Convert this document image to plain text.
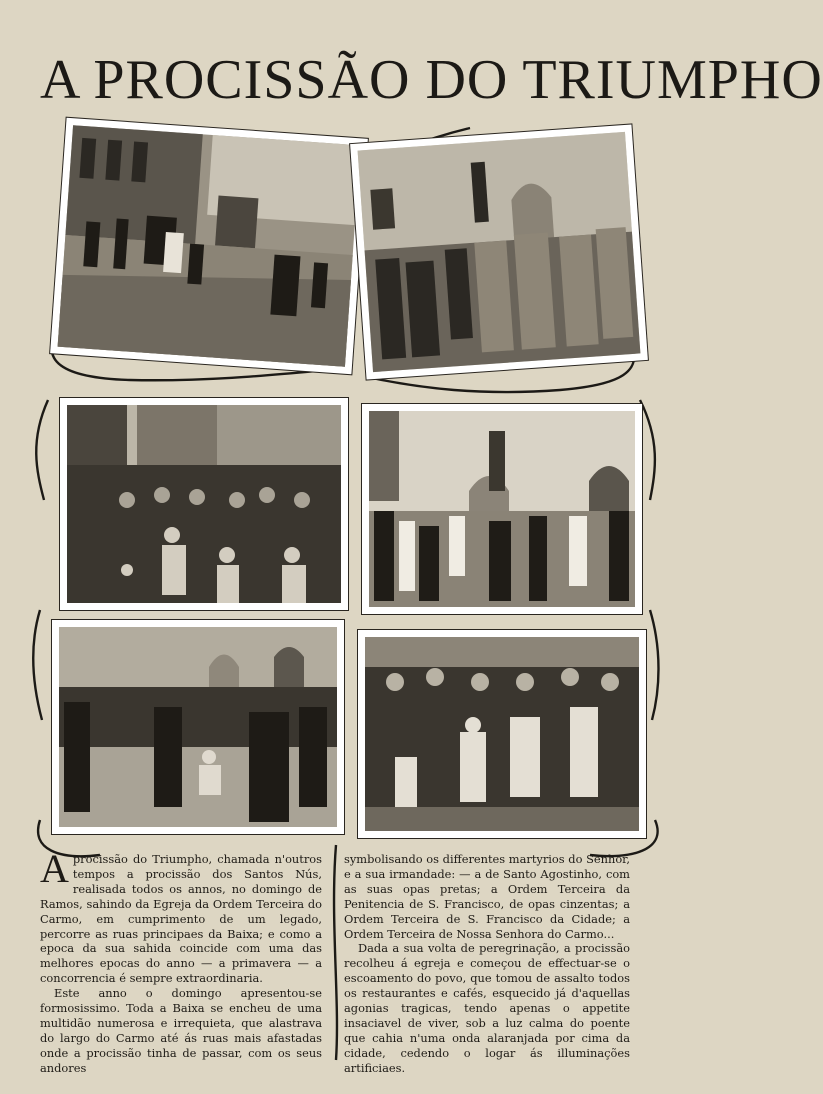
A PROCISSÃO DO TRIUMPHO

A procissão do Triumpho, chamada n'outros tempos a procissão dos Santos Nús, realisada todos os annos, no domingo de Ramos, sahindo da Egreja da Ordem Terceira do Carmo, em cumprimento de um legado, percorre as ruas principaes da Baixa; e como a epoca da sua sahida coincide com uma das melhores epocas do anno — a primavera — a concorrencia é sempre extraordinaria.

Este anno o domingo apresentou-se formosissimo. Toda a Baixa se encheu de uma multidão numerosa e irrequieta, que alastrava do largo do Carmo até ás ruas mais afastadas onde a procissão tinha de passar, com os seus andores

symbolisando os differentes martyrios do Senhor, e a sua irmandade: — a de Santo Agostinho, com as suas opas pretas; a Ordem Terceira da Penitencia de S. Francisco, de opas cinzentas; a Ordem Terceira de S. Francisco da Cidade; a Ordem Terceira de Nossa Senhora do Carmo...

Dada a sua volta de peregrinação, a procissão recolheu á egreja e começou de effectuar-se o escoamento do povo, que tomou de assalto todos os restaurantes e cafés, esquecido já d'aquellas agonias tragicas, tendo apenas o appetite insaciavel de viver, sob a luz calma do poente que cahia n'uma onda alaranjada por cima da cidade, cedendo o logar ás illuminações artificiaes.
